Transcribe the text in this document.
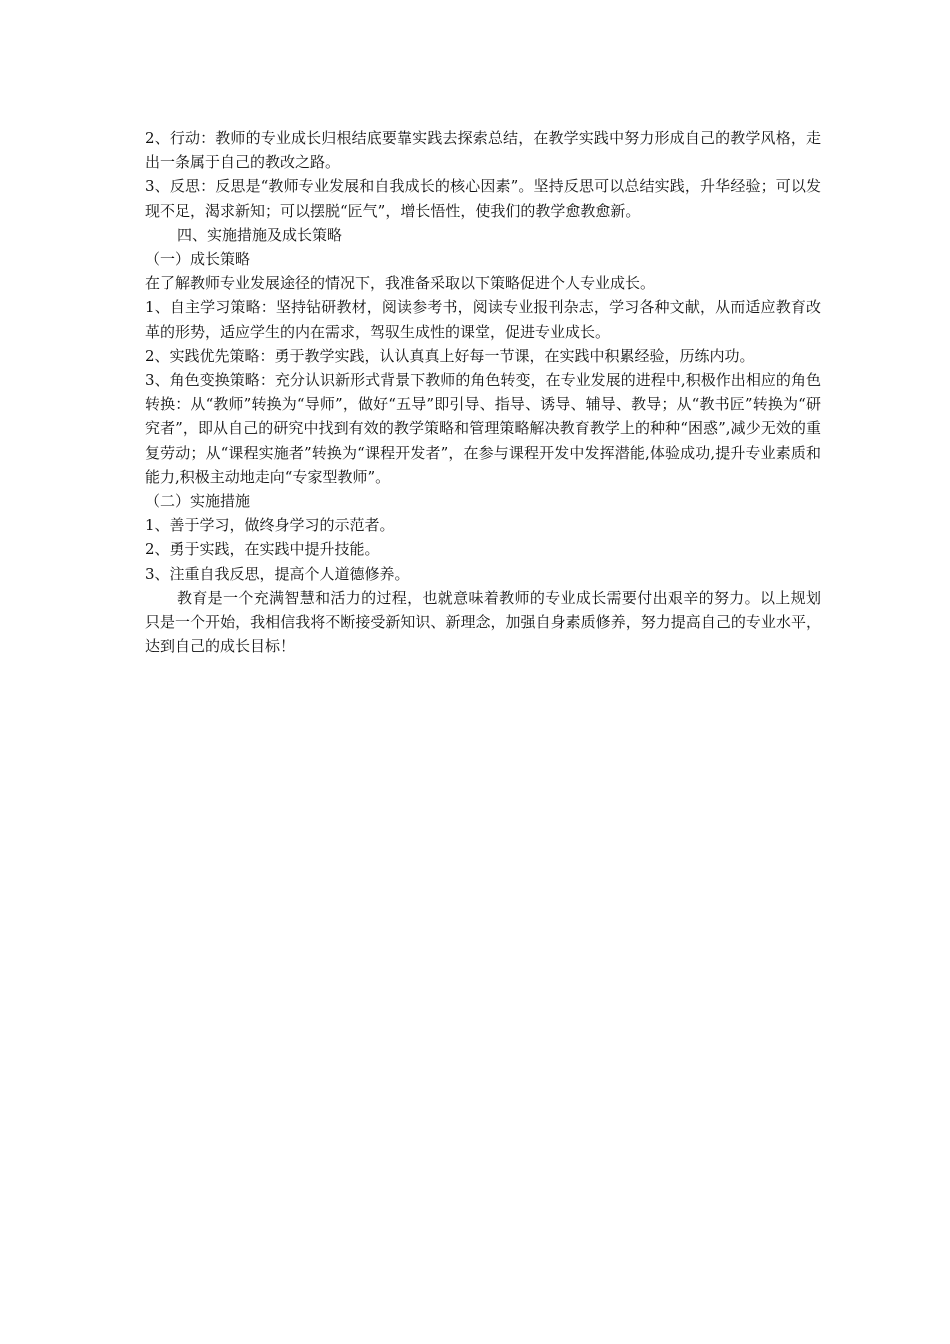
2、行动：教师的专业成长归根结底要靠实践去探索总结，在教学实践中努力形成自己的教学风格，走出一条属于自己的教改之路。

3、反思：反思是“教师专业发展和自我成长的核心因素”。坚持反思可以总结实践，升华经验；可以发现不足，渴求新知；可以摆脱“匠气”，增长悟性，使我们的教学愈教愈新。

四、实施措施及成长策略

（一）成长策略

在了解教师专业发展途径的情况下，我准备采取以下策略促进个人专业成长。

1、自主学习策略：坚持钻研教材，阅读参考书，阅读专业报刊杂志，学习各种文献，从而适应教育改革的形势，适应学生的内在需求，驾驭生成性的课堂，促进专业成长。

2、实践优先策略：勇于教学实践，认认真真上好每一节课，在实践中积累经验，历练内功。

3、角色变换策略：充分认识新形式背景下教师的角色转变，在专业发展的进程中,积极作出相应的角色转换：从“教师”转换为“导师”，做好“五导”即引导、指导、诱导、辅导、教导；从“教书匠”转换为“研究者”，即从自己的研究中找到有效的教学策略和管理策略解决教育教学上的种种“困惑”,减少无效的重复劳动；从“课程实施者”转换为“课程开发者”，在参与课程开发中发挥潜能,体验成功,提升专业素质和能力,积极主动地走向“专家型教师”。

（二）实施措施

1、善于学习，做终身学习的示范者。

2、勇于实践，在实践中提升技能。

3、注重自我反思，提高个人道德修养。

教育是一个充满智慧和活力的过程，也就意味着教师的专业成长需要付出艰辛的努力。以上规划只是一个开始，我相信我将不断接受新知识、新理念，加强自身素质修养，努力提高自己的专业水平，达到自己的成长目标！
